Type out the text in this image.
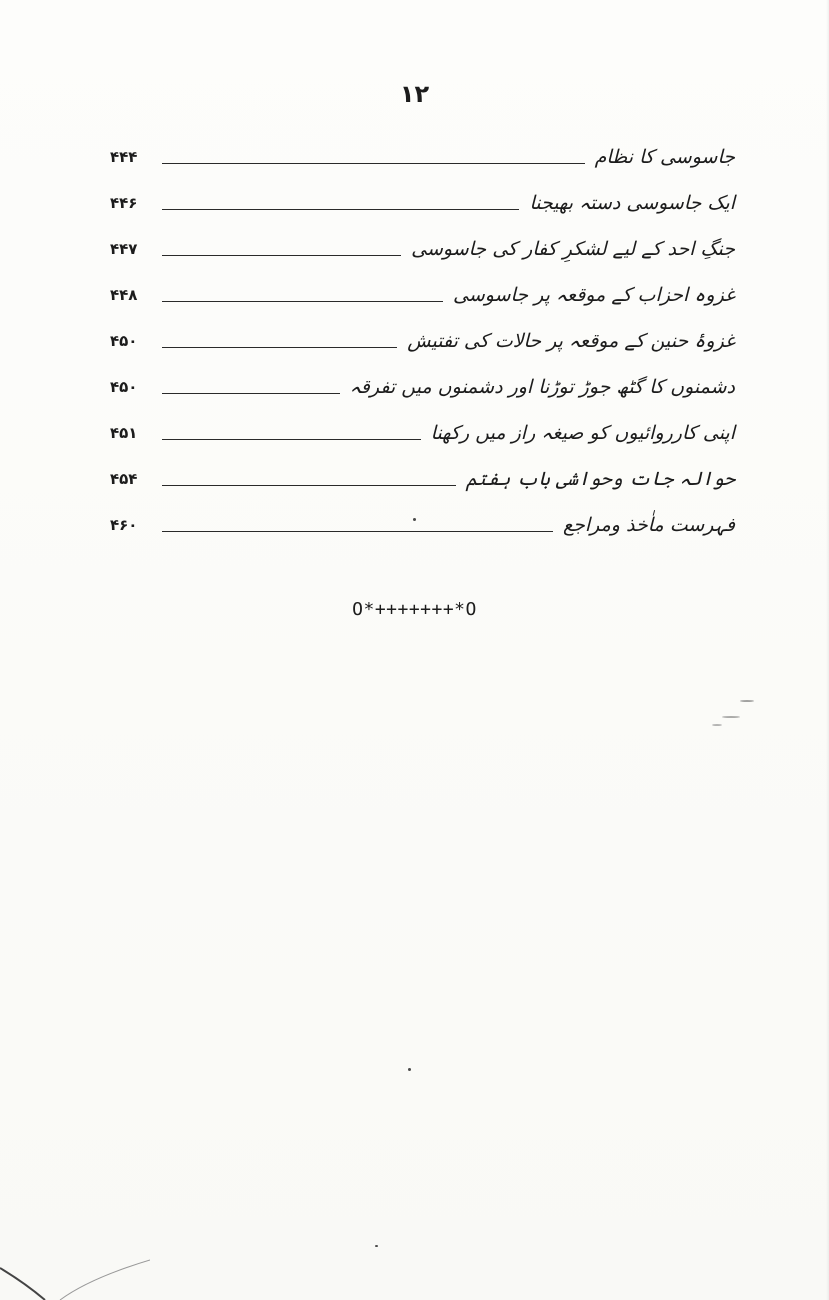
۱۲
۴۴۴	جاسوسی کا نظام
۴۴۶	ایک جاسوسی دستہ بھیجنا
۴۴۷	جنگِ احد کے لیے لشکرِ کفار کی جاسوسی
۴۴۸	غزوہ احزاب کے موقعہ پر جاسوسی
۴۵۰	غزوۂ حنین کے موقعہ پر حالات کی تفتیش
۴۵۰	دشمنوں کا گٹھ جوڑ توڑنا اور دشمنوں میں تفرقہ
۴۵۱	اپنی کارروائیوں کو صیغہ راز میں رکھنا
۴۵۴	حوالہ جات وحواشی باب ہفتم
۴۶۰	فہرست ماٰخذ ومراجع
O*+++++++*O
